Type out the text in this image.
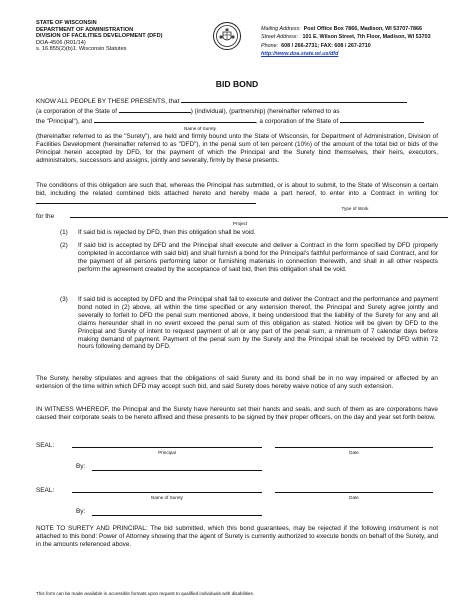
STATE OF WISCONSIN
DEPARTMENT OF ADMINISTRATION
DIVISION OF FACILITIES DEVELOPMENT (DFD)
DOA-4506 (R01/14)
s. 16.855(2)(b)1. Wisconsin Statutes
Mailing Address: Post Office Box 7866, Madison, WI 53707-7866
Street Address: 101 E. Wilson Street, 7th Floor, Madison, WI 53703
Phone: 608 / 266-2731; FAX: 608 / 267-2710
http://www.doa.state.wi.us/dfd
BID BOND
KNOW ALL PEOPLE BY THESE PRESENTS, that
(a corporation of the State of	) (individual), (partnership) (hereinafter referred to as
the "Principal"), and	, a corporation of the State of
Name of Surety
(thereinafter referred to as the "Surety"), are held and firmly bound unto the State of Wisconsin, for Department of Administration, Division of Facilities Development (hereinafter referred to as "DFD"), in the penal sum of ten percent (10%) of the amount of the total bid or bids of the Principal herein accepted by DFD, for the payment of which the Principal and the Surety bind themselves, their heirs, executors, administrators, successors and assigns, jointly and severally, firmly by these presents.
The conditions of this obligation are such that, whereas the Principal has submitted, or is about to submit, to the State of Wisconsin a certain bid, including the related combined bids attached hereto and hereby made a part hereof, to enter into a Contract in writing for
Type of Work
for the
Project
(1) If said bid is rejected by DFD, then this obligation shall be void.
(2) If said bid is accepted by DFD and the Principal shall execute and deliver a Contract in the form specified by DFD (properly completed in accordance with said bid) and shall furnish a bond for the Principal's faithful performance of said Contract, and for the payment of all persons performing labor or furnishing materials in connection therewith, and shall in all other respects perform the agreement created by the acceptance of said bid, then this obligation shall be void.
(3) If said bid is accepted by DFD and the Principal shall fail to execute and deliver the Contract and the performance and payment bond noted in (2) above, all within the time specified or any extension thereof, the Principal and Surety agree jointly and severally to forfeit to DFD the penal sum mentioned above, it being understood that the liability of the Surety for any and all claims hereunder shall in no event exceed the penal sum of this obligation as stated. Notice will be given by DFD to the Principal and Surety of intent to request payment of all or any part of the penal sum, a minimum of 7 calendar days before making demand of payment. Payment of the penal sum by the Surety and the Principal shall be received by DFD within 72 hours following demand by DFD.
The Surety, hereby stipulates and agrees that the obligations of said Surety and its bond shall be in no way impaired or affected by an extension of the time within which DFD may accept such bid, and said Surety does hereby waive notice of any such extension.
IN WITNESS WHEREOF, the Principal and the Surety have hereunto set their hands and seals, and such of them as are corporations have caused their corporate seals to be hereto affixed and these presents to be signed by their proper officers, on the day and year set forth below.
SEAL:
Principal	Date
By:
SEAL:
Name of Surety	Date
By:
NOTE TO SURETY AND PRINCIPAL: The bid submitted, which this bond guarantees, may be rejected if the following instrument is not attached to this bond: Power of Attorney showing that the agent of Surety is currently authorized to execute bonds on behalf of the Surety, and in the amounts referenced above.
This form can be made available in accessible formats upon request to qualified individuals with disabilities.
